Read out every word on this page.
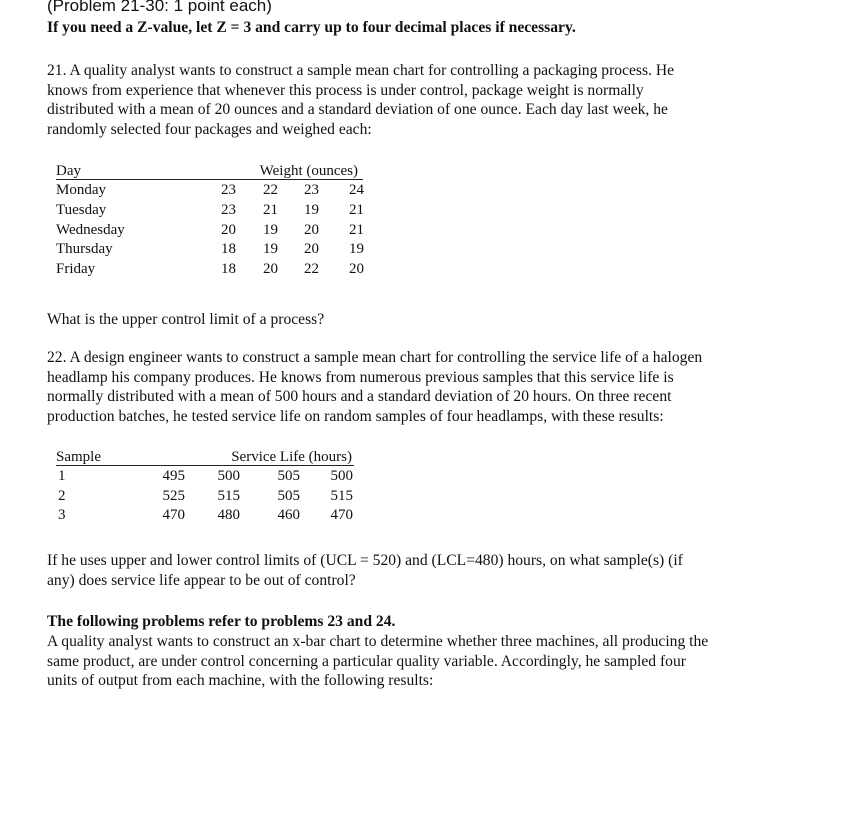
(Problem 21-30: 1 point each)
If you need a Z-value, let Z = 3 and carry up to four decimal places if necessary.
21. A quality analyst wants to construct a sample mean chart for controlling a packaging process. He
knows from experience that whenever this process is under control, package weight is normally
distributed with a mean of 20 ounces and a standard deviation of one ounce. Each day last week, he
randomly selected four packages and weighed each:
Day	Weight (ounces)
Monday	23	22	23	24
Tuesday	23	21	19	21
Wednesday	20	19	20	21
Thursday	18	19	20	19
Friday	18	20	22	20
What is the upper control limit of a process?
22. A design engineer wants to construct a sample mean chart for controlling the service life of a halogen
headlamp his company produces. He knows from numerous previous samples that this service life is
normally distributed with a mean of 500 hours and a standard deviation of 20 hours. On three recent
production batches, he tested service life on random samples of four headlamps, with these results:
Sample	Service Life (hours)
1	495	500	505	500
2	525	515	505	515
3	470	480	460	470
If he uses upper and lower control limits of (UCL = 520) and (LCL=480) hours, on what sample(s) (if
any) does service life appear to be out of control?
The following problems refer to problems 23 and 24.
A quality analyst wants to construct an x-bar chart to determine whether three machines, all producing the
same product, are under control concerning a particular quality variable. Accordingly, he sampled four
units of output from each machine, with the following results:
